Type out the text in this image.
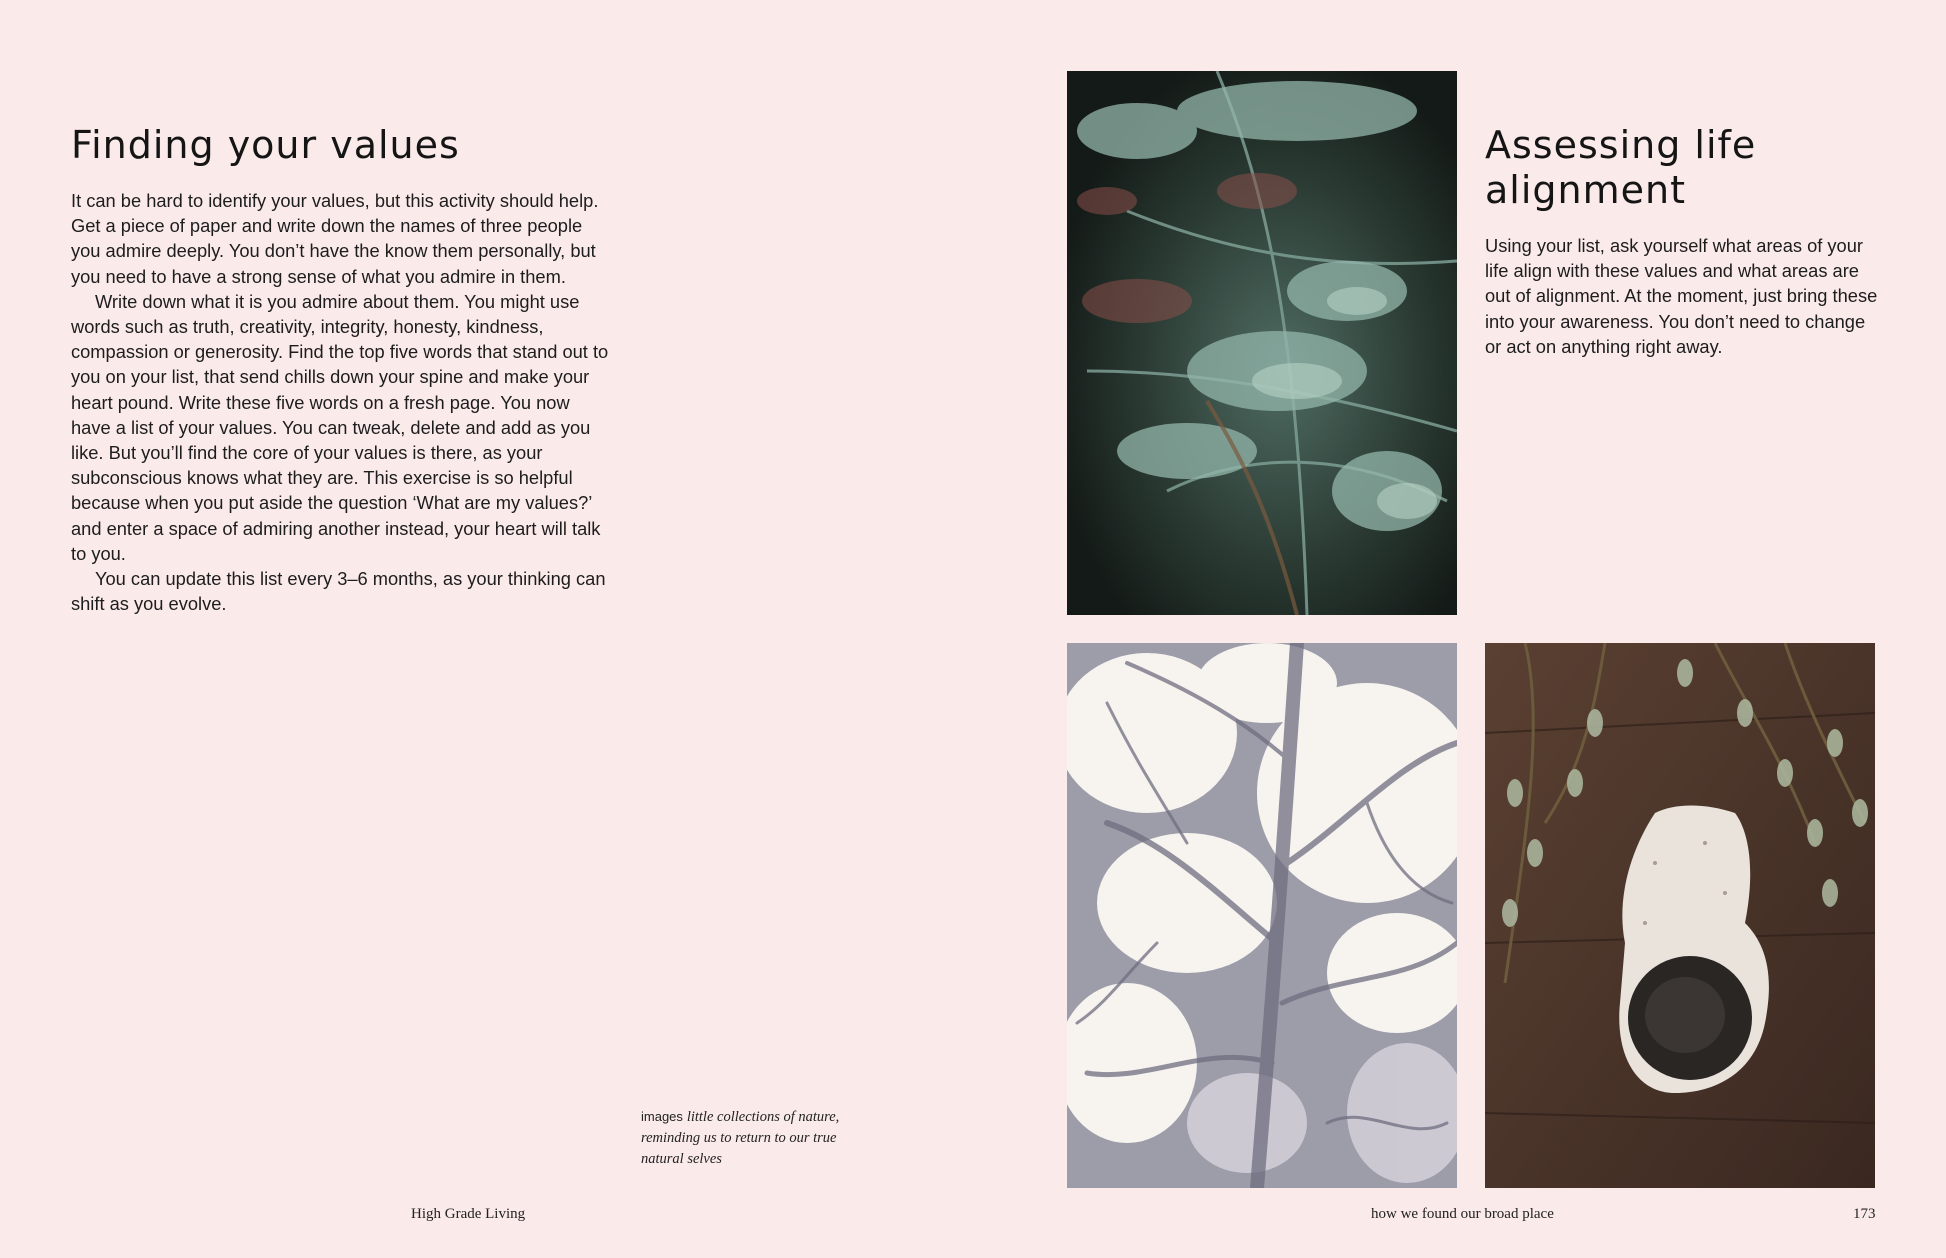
Finding your values

It can be hard to identify your values, but this activity should help. Get a piece of paper and write down the names of three people you admire deeply. You don’t have the know them personally, but you need to have a strong sense of what you admire in them.

Write down what it is you admire about them. You might use words such as truth, creativity, integrity, honesty, kindness, compassion or generosity. Find the top five words that stand out to you on your list, that send chills down your spine and make your heart pound. Write these five words on a fresh page. You now have a list of your values. You can tweak, delete and add as you like. But you’ll find the core of your values is there, as your subconscious knows what they are. This exercise is so helpful because when you put aside the question ‘What are my values?’ and enter a space of admiring another instead, your heart will talk to you.

You can update this list every 3–6 months, as your thinking can shift as you evolve.

images little collections of nature, reminding us to return to our true natural selves
Assessing life alignment

Using your list, ask yourself what areas of your life align with these values and what areas are out of alignment. At the moment, just bring these into your awareness. You don’t need to change or act on anything right away.

High Grade Living	how we found our broad place	173
